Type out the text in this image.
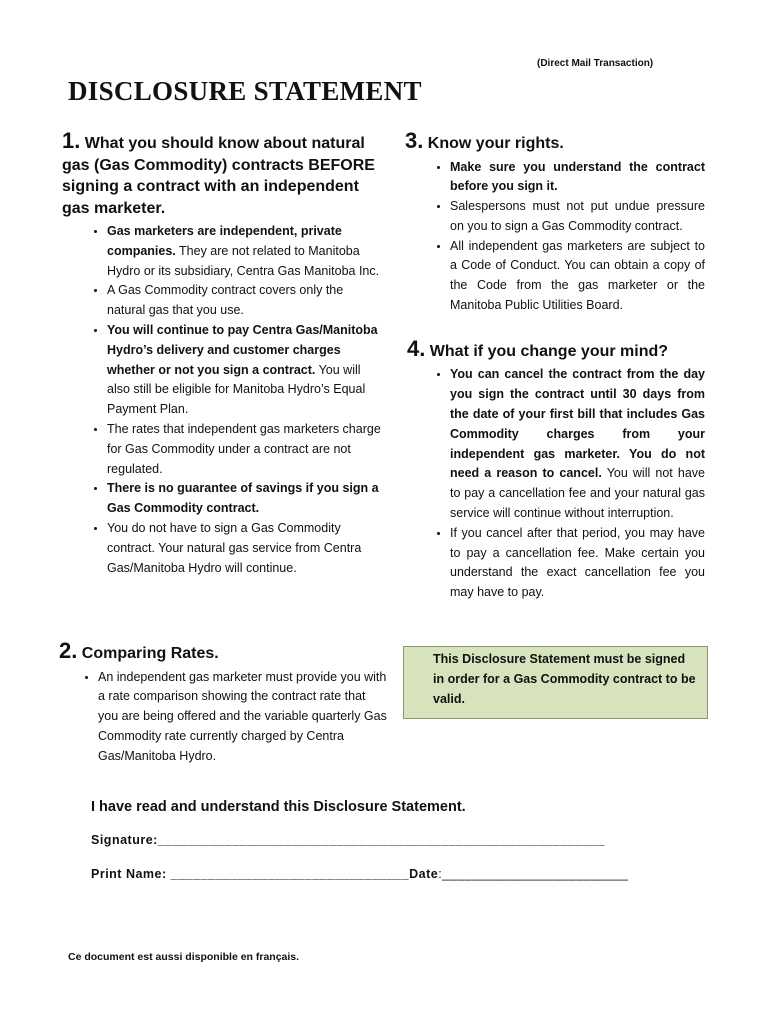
(Direct Mail Transaction)
DISCLOSURE STATEMENT

1. What you should know about natural gas (Gas Commodity) contracts BEFORE signing a contract with an independent gas marketer.

• Gas marketers are independent, private companies. They are not related to Manitoba Hydro or its subsidiary, Centra Gas Manitoba Inc.
• A Gas Commodity contract covers only the natural gas that you use.
• You will continue to pay Centra Gas/Manitoba Hydro’s delivery and customer charges whether or not you sign a contract. You will also still be eligible for Manitoba Hydro’s Equal Payment Plan.
• The rates that independent gas marketers charge for Gas Commodity under a contract are not regulated.
• There is no guarantee of savings if you sign a Gas Commodity contract.
• You do not have to sign a Gas Commodity contract. Your natural gas service from Centra Gas/Manitoba Hydro will continue.

2. Comparing Rates.

• An independent gas marketer must provide you with a rate comparison showing the contract rate that you are being offered and the variable quarterly Gas Commodity rate currently charged by Centra Gas/Manitoba Hydro.

3. Know your rights.

• Make sure you understand the contract before you sign it.
• Salespersons must not put undue pressure on you to sign a Gas Commodity contract.
• All independent gas marketers are subject to a Code of Conduct. You can obtain a copy of the Code from the gas marketer or the Manitoba Public Utilities Board.

4. What if you change your mind?

• You can cancel the contract from the day you sign the contract until 30 days from the date of your first bill that includes Gas Commodity charges from your independent gas marketer. You do not need a reason to cancel. You will not have to pay a cancellation fee and your natural gas service will continue without interruption.
• If you cancel after that period, you may have to pay a cancellation fee. Make certain you understand the exact cancellation fee you may have to pay.
This Disclosure Statement must be signed in order for a Gas Commodity contract to be valid.
I have read and understand this Disclosure Statement.
Signature:____________________________________________________________
Print Name: ________________________________Date:_________________________
Ce document est aussi disponible en français.
